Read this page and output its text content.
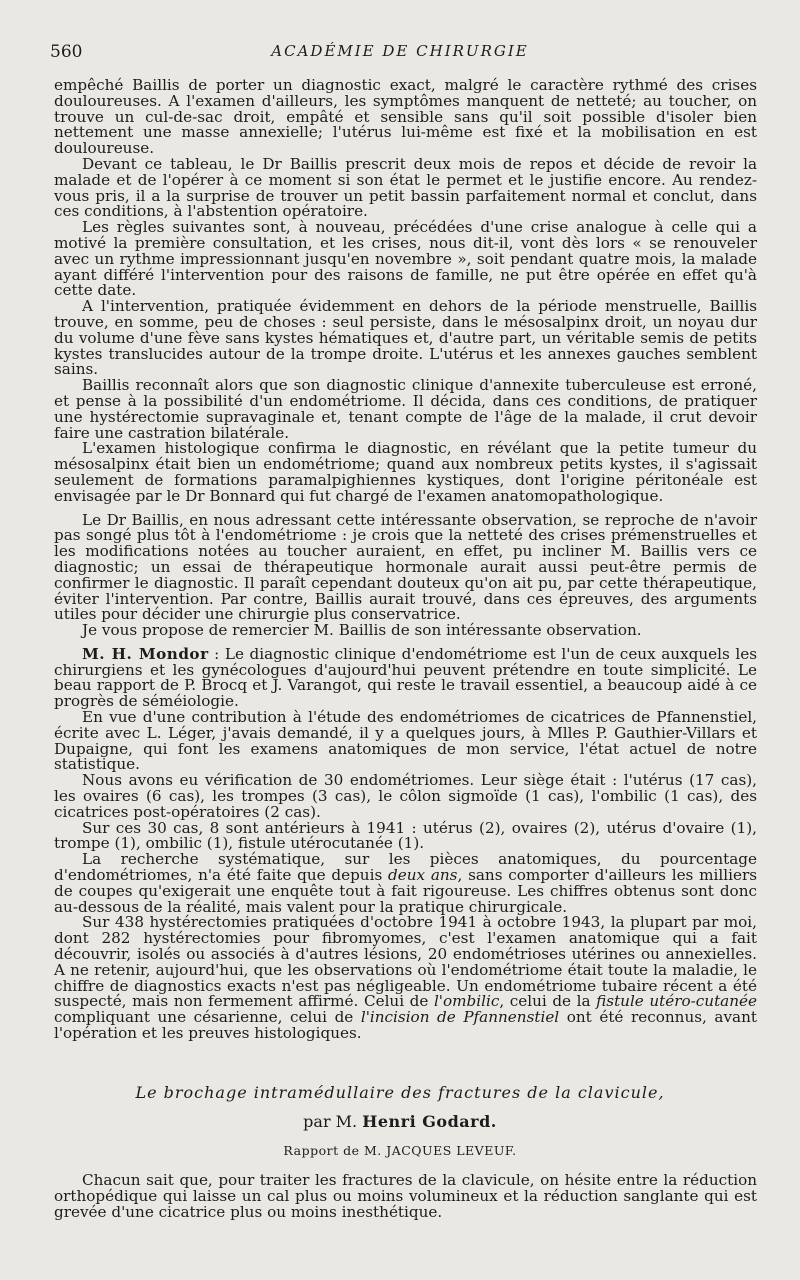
560	ACADÉMIE DE CHIRURGIE

empêché Baillis de porter un diagnostic exact, malgré le caractère rythmé des crises douloureuses. A l'examen d'ailleurs, les symptômes manquent de netteté; au toucher, on trouve un cul-de-sac droit, empâté et sensible sans qu'il soit possible d'isoler bien nettement une masse annexielle; l'utérus lui-même est fixé et la mobilisation en est douloureuse.

Devant ce tableau, le Dr Baillis prescrit deux mois de repos et décide de revoir la malade et de l'opérer à ce moment si son état le permet et le justifie encore. Au rendez-vous pris, il a la surprise de trouver un petit bassin parfaitement normal et conclut, dans ces conditions, à l'abstention opératoire.

Les règles suivantes sont, à nouveau, précédées d'une crise analogue à celle qui a motivé la première consultation, et les crises, nous dit-il, vont dès lors « se renouveler avec un rythme impressionnant jusqu'en novembre », soit pendant quatre mois, la malade ayant différé l'intervention pour des raisons de famille, ne put être opérée en effet qu'à cette date.

A l'intervention, pratiquée évidemment en dehors de la période menstruelle, Baillis trouve, en somme, peu de choses : seul persiste, dans le mésosalpinx droit, un noyau dur du volume d'une fève sans kystes hématiques et, d'autre part, un véritable semis de petits kystes translucides autour de la trompe droite. L'utérus et les annexes gauches semblent sains.

Baillis reconnaît alors que son diagnostic clinique d'annexite tuberculeuse est erroné, et pense à la possibilité d'un endométriome. Il décida, dans ces conditions, de pratiquer une hystérectomie supravaginale et, tenant compte de l'âge de la malade, il crut devoir faire une castration bilatérale.

L'examen histologique confirma le diagnostic, en révélant que la petite tumeur du mésosalpinx était bien un endométriome; quand aux nombreux petits kystes, il s'agissait seulement de formations paramalpighiennes kystiques, dont l'origine péritonéale est envisagée par le Dr Bonnard qui fut chargé de l'examen anatomopathologique.

Le Dr Baillis, en nous adressant cette intéressante observation, se reproche de n'avoir pas songé plus tôt à l'endométriome : je crois que la netteté des crises prémenstruelles et les modifications notées au toucher auraient, en effet, pu incliner M. Baillis vers ce diagnostic; un essai de thérapeutique hormonale aurait aussi peut-être permis de confirmer le diagnostic. Il paraît cependant douteux qu'on ait pu, par cette thérapeutique, éviter l'intervention. Par contre, Baillis aurait trouvé, dans ces épreuves, des arguments utiles pour décider une chirurgie plus conservatrice.

Je vous propose de remercier M. Baillis de son intéressante observation.

M. H. Mondor : Le diagnostic clinique d'endométriome est l'un de ceux auxquels les chirurgiens et les gynécologues d'aujourd'hui peuvent prétendre en toute simplicité. Le beau rapport de P. Brocq et J. Varangot, qui reste le travail essentiel, a beaucoup aidé à ce progrès de séméiologie.

En vue d'une contribution à l'étude des endométriomes de cicatrices de Pfannenstiel, écrite avec L. Léger, j'avais demandé, il y a quelques jours, à Mlles P. Gauthier-Villars et Dupaigne, qui font les examens anatomiques de mon service, l'état actuel de notre statistique.

Nous avons eu vérification de 30 endométriomes. Leur siège était : l'utérus (17 cas), les ovaires (6 cas), les trompes (3 cas), le côlon sigmoïde (1 cas), l'ombilic (1 cas), des cicatrices post-opératoires (2 cas).

Sur ces 30 cas, 8 sont antérieurs à 1941 : utérus (2), ovaires (2), utérus d'ovaire (1), trompe (1), ombilic (1), fistule utérocutanée (1).

La recherche systématique, sur les pièces anatomiques, du pourcentage d'endométriomes, n'a été faite que depuis deux ans, sans comporter d'ailleurs les milliers de coupes qu'exigerait une enquête tout à fait rigoureuse. Les chiffres obtenus sont donc au-dessous de la réalité, mais valent pour la pratique chirurgicale.

Sur 438 hystérectomies pratiquées d'octobre 1941 à octobre 1943, la plupart par moi, dont 282 hystérectomies pour fibromyomes, c'est l'examen anatomique qui a fait découvrir, isolés ou associés à d'autres lésions, 20 endométrioses utérines ou annexielles. A ne retenir, aujourd'hui, que les observations où l'endométriome était toute la maladie, le chiffre de diagnostics exacts n'est pas négligeable. Un endométriome tubaire récent a été suspecté, mais non fermement affirmé. Celui de l'ombilic, celui de la fistule utéro-cutanée compliquant une césarienne, celui de l'incision de Pfannenstiel ont été reconnus, avant l'opération et les preuves histologiques.

Le brochage intramédullaire des fractures de la clavicule,

par M. Henri Godard.

Rapport de M. JACQUES LEVEUF.

Chacun sait que, pour traiter les fractures de la clavicule, on hésite entre la réduction orthopédique qui laisse un cal plus ou moins volumineux et la réduction sanglante qui est grevée d'une cicatrice plus ou moins inesthétique.
